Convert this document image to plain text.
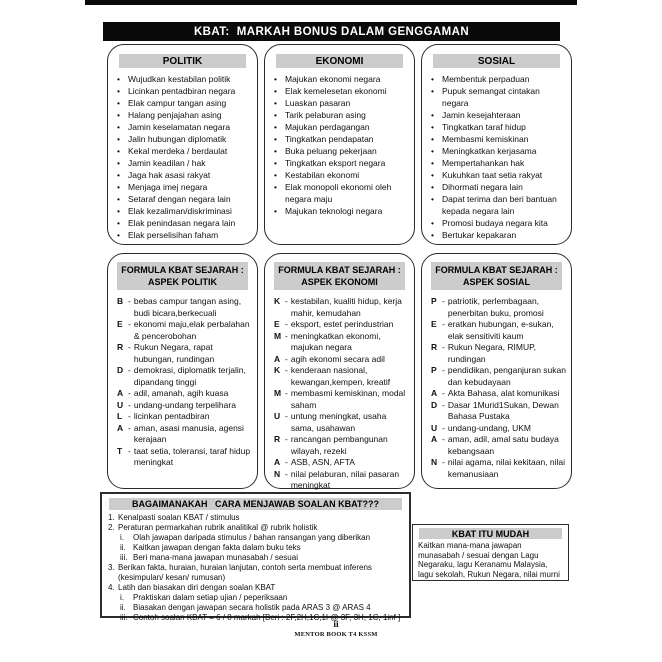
KBAT:  MARKAH BONUS DALAM GENGGAMAN
POLITIK
• Wujudkan kestabilan politik
• Licinkan pentadbiran negara
• Elak campur tangan asing
• Halang penjajahan asing
• Jamin keselamatan negara
• Jalin hubungan diplomatik
• Kekal merdeka / berdaulat
• Jamin keadilan / hak
• Jaga hak asasi rakyat
• Menjaga imej negara
• Setaraf dengan negara lain
• Elak kezaliman/diskriminasi
• Elak penindasan negara lain
• Elak perselisihan faham
EKONOMI
• Majukan ekonomi negara
• Elak kemelesetan ekonomi
• Luaskan pasaran
• Tarik pelaburan asing
• Majukan perdagangan
• Tingkatkan pendapatan
• Buka peluang pekerjaan
• Tingkatkan eksport negara
• Kestabilan ekonomi
• Elak monopoli ekonomi oleh negara maju
• Majukan teknologi negara
SOSIAL
• Membentuk perpaduan
• Pupuk semangat cintakan negara
• Jamin kesejahteraan
• Tingkatkan taraf hidup
• Membasmi kemiskinan
• Meningkatkan kerjasama
• Mempertahankan hak
• Kukuhkan taat setia rakyat
• Dihormati negara lain
• Dapat terima dan beri bantuan kepada negara lain
• Promosi budaya negara kita
• Bertukar kepakaran
FORMULA KBAT SEJARAH :
ASPEK POLITIK
B - bebas campur tangan asing, budi bicara,berkecuali
E - ekonomi maju,elak perbalahan & pencerobohan
R - Rukun Negara, rapat hubungan, rundingan
D - demokrasi, diplomatik terjalin, dipandang tinggi
A - adil, amanah, agih kuasa
U - undang-undang terpelihara
L - licinkan pentadbiran
A - aman, asasi manusia, agensi kerajaan
T - taat setia, toleransi, taraf hidup meningkat
FORMULA KBAT SEJARAH :
ASPEK EKONOMI
K - kestabilan, kualiti hidup, kerja mahir, kemudahan
E - eksport, estet perindustrian
M - meningkatkan ekonomi, majukan negara
A - agih ekonomi secara adil
K - kenderaan nasional, kewangan,kempen, kreatif
M - membasmi kemiskinan, modal saham
U - untung meningkat, usaha sama, usahawan
R - rancangan pembangunan wilayah, rezeki
A - ASB, ASN, AFTA
N - nilai pelaburan, nilai pasaran meningkat
FORMULA KBAT SEJARAH :
ASPEK SOSIAL
P - patriotik, perlembagaan, penerbitan buku, promosi
E - eratkan hubungan, e-sukan, elak sensitiviti kaum
R - Rukun Negara, RIMUP, rundingan
P - pendidikan, penganjuran sukan dan kebudayaan
A - Akta Bahasa, alat komunikasi
D - Dasar 1Murid1Sukan, Dewan Bahasa Pustaka
U - undang-undang, UKM
A - aman, adil, amal satu budaya kebangsaan
N - nilai agama, nilai kekitaan, nilai kemanusiaan
BAGAIMANAKAH   CARA MENJAWAB SOALAN KBAT???
1. Kenalpasti soalan KBAT / stimulus
2. Peraturan permarkahan rubrik analitikal @ rubrik holistik
i.	Olah jawapan daripada stimulus / bahan ransangan yang diberikan
ii. Kaitkan jawapan dengan fakta dalam buku teks
iii. Beri mana-mana jawapan munasabah / sesuai
3. Berikan fakta, huraian, huraian lanjutan, contoh serta membuat inferens (kesimpulan/ kesan/ rumusan)
4. Latih dan biasakan diri dengan soalan KBAT
i.	Praktiskan dalam setiap ujian / peperiksaan
ii. Biasakan dengan jawapan secara holistik pada ARAS 3 @ ARAS 4
iii. Contoh soalan KBAT = 6 / 8 markah [Beri : 2F,2H,1C,1I @ 3F, 3H, 1C, 1inf ]
KBAT ITU MUDAH
Kaitkan mana-mana jawapan munasabah / sesuai dengan Lagu Negaraku, lagu Keranamu Malaysia, lagu sekolah, Rukun Negara, nilai murni
ii
MENTOR BOOK T4 KSSM
